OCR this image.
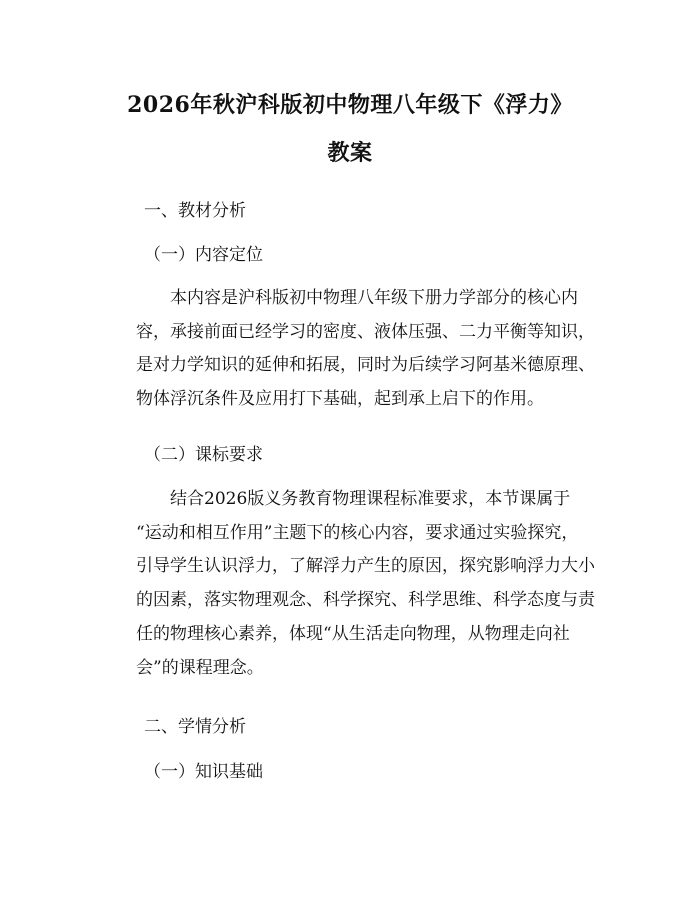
2026年秋沪科版初中物理八年级下《浮力》
教案
一、教材分析
（一）内容定位
本内容是沪科版初中物理八年级下册力学部分的核心内
容，承接前面已经学习的密度、液体压强、二力平衡等知识，
是对力学知识的延伸和拓展，同时为后续学习阿基米德原理、
物体浮沉条件及应用打下基础，起到承上启下的作用。
（二）课标要求
结合2026版义务教育物理课程标准要求，本节课属于
“运动和相互作用”主题下的核心内容，要求通过实验探究，
引导学生认识浮力，了解浮力产生的原因，探究影响浮力大小
的因素，落实物理观念、科学探究、科学思维、科学态度与责
任的物理核心素养，体现“从生活走向物理，从物理走向社
会”的课程理念。
二、学情分析
（一）知识基础
